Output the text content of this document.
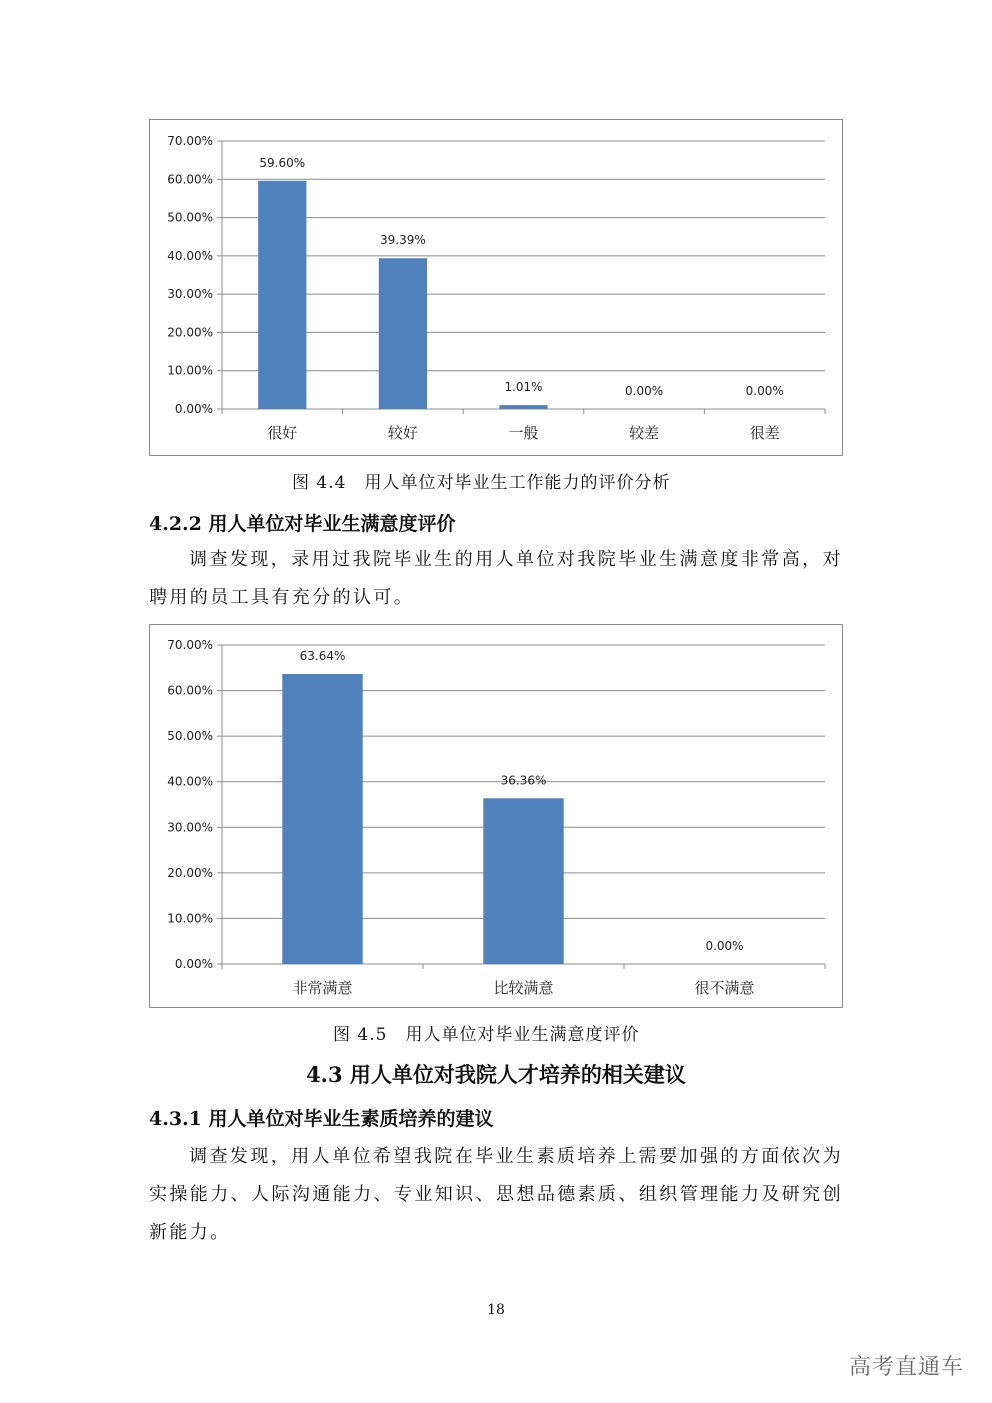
0.00%
10.00%
20.00%
30.00%
40.00%
50.00%
60.00%
70.00%
59.60%
很好
39.39%
较好
1.01%
一般
0.00%
较差
0.00%
很差
图 4.4　用人单位对毕业生工作能力的评价分析
4.2.2 用人单位对毕业生满意度评价
调查发现，录用过我院毕业生的用人单位对我院毕业生满意度非常高，对聘用的员工具有充分的认可。
0.00%
10.00%
20.00%
30.00%
40.00%
50.00%
60.00%
70.00%
63.64%
非常满意
36.36%
比较满意
0.00%
很不满意
图 4.5　用人单位对毕业生满意度评价
4.3 用人单位对我院人才培养的相关建议
4.3.1 用人单位对毕业生素质培养的建议
调查发现，用人单位希望我院在毕业生素质培养上需要加强的方面依次为实操能力、人际沟通能力、专业知识、思想品德素质、组织管理能力及研究创新能力。
18
高考直通车
